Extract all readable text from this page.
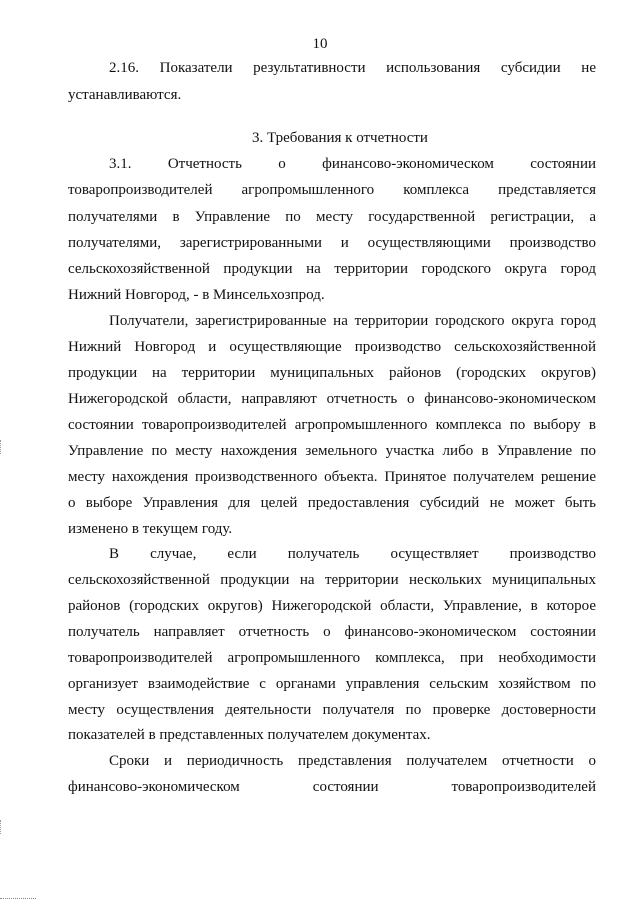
10
2.16. Показатели результативности использования субсидии не
устанавливаются.
3. Требования к отчетности
3.1. Отчетность о финансово-экономическом состоянии
товаропроизводителей агропромышленного комплекса представляется
получателями в Управление по месту государственной регистрации, а
получателями, зарегистрированными и осуществляющими производство
сельскохозяйственной продукции на территории городского округа город
Нижний Новгород, - в Минсельхозпрод.
Получатели, зарегистрированные на территории городского округа город
Нижний Новгород и осуществляющие производство сельскохозяйственной
продукции на территории муниципальных районов (городских округов)
Нижегородской области, направляют отчетность о финансово-экономическом
состоянии товаропроизводителей агропромышленного комплекса по выбору в
Управление по месту нахождения земельного участка либо в Управление по
месту нахождения производственного объекта. Принятое получателем решение
о выборе Управления для целей предоставления субсидий не может быть
изменено в текущем году.
В случае, если получатель осуществляет производство
сельскохозяйственной продукции на территории нескольких муниципальных
районов (городских округов) Нижегородской области, Управление, в которое
получатель направляет отчетность о финансово-экономическом состоянии
товаропроизводителей агропромышленного комплекса, при необходимости
организует взаимодействие с органами управления сельским хозяйством по
месту осуществления деятельности получателя по проверке достоверности
показателей в представленных получателем документах.
Сроки и периодичность представления получателем отчетности о
финансово-экономическом состоянии товаропроизводителей
